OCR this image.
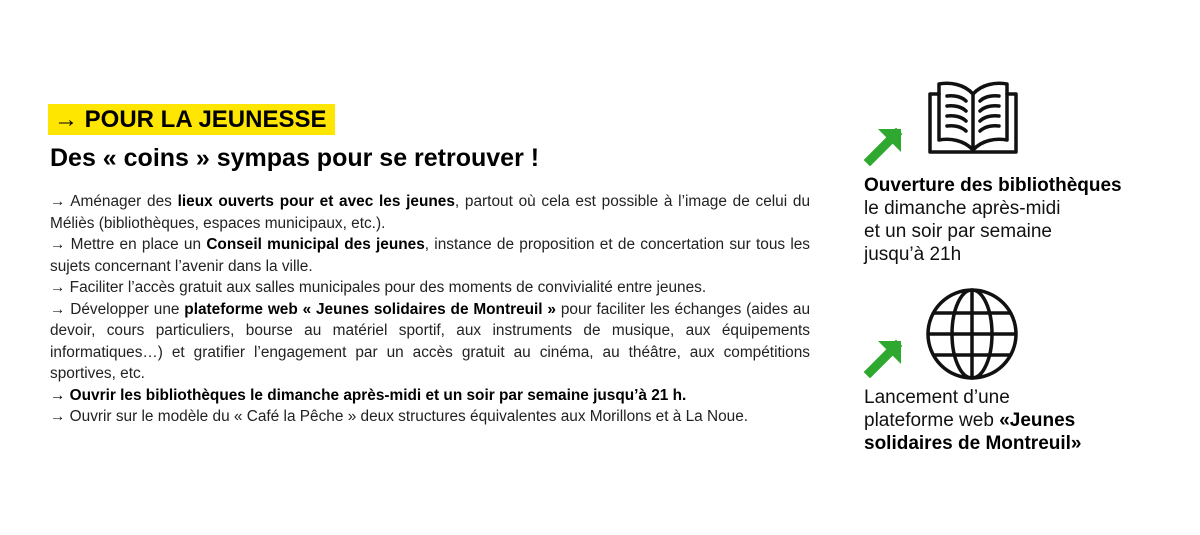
→ POUR LA JEUNESSE
Des « coins » sympas pour se retrouver !

→ Aménager des lieux ouverts pour et avec les jeunes, partout où cela est possible à l’image de celui du Méliès (bibliothèques, espaces municipaux, etc.).

→ Mettre en place un Conseil municipal des jeunes, instance de proposition et de concertation sur tous les sujets concernant l’avenir dans la ville.

→ Faciliter l’accès gratuit aux salles municipales pour des moments de convivialité entre jeunes.

→ Développer une plateforme web « Jeunes solidaires de Montreuil » pour faciliter les échanges (aides au devoir, cours particuliers, bourse au matériel sportif, aux instruments de musique, aux équipements informatiques…) et gratifier l’engagement par un accès gratuit au cinéma, au théâtre, aux compétitions sportives, etc.

→ Ouvrir les bibliothèques le dimanche après-midi et un soir par semaine jusqu’à 21 h.

→ Ouvrir sur le modèle du « Café la Pêche » deux structures équivalentes aux Morillons et à La Noue.

Ouverture des bibliothèques
le dimanche après-midi
et un soir par semaine
jusqu’à 21h
Lancement d’une
plateforme web «Jeunes
solidaires de Montreuil»
